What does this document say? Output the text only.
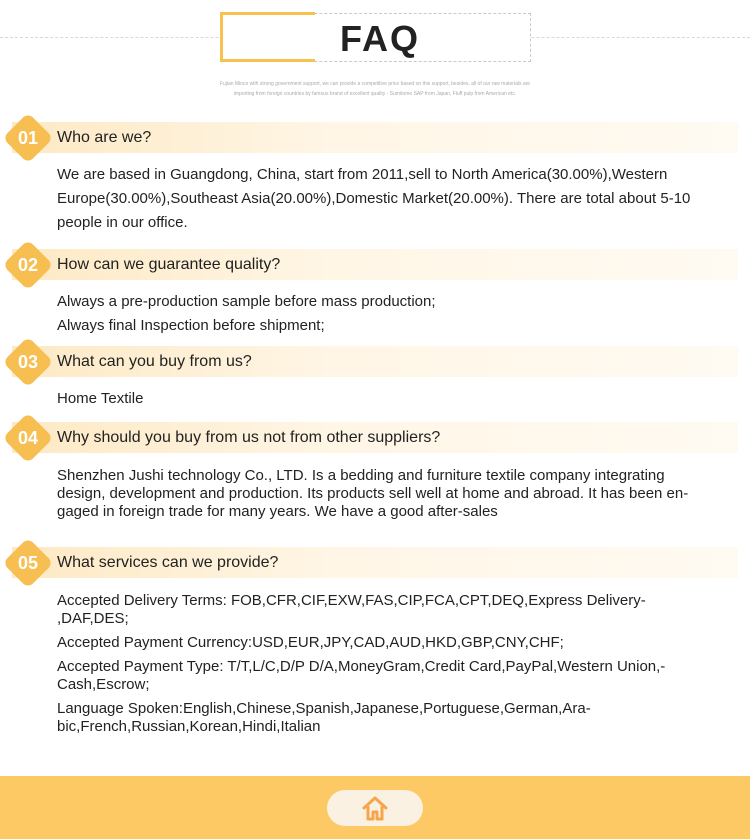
FAQ
Fujian Minco with strong government support, we can provide a competitive price based on this support, besides, all of our raw materials are
importing from foreign countries by famous brand of excellent quality - Sumitomo SAP from Japan, Fluff pulp from American etc.
01	Who are we?
We are based in Guangdong, China, start from 2011,sell to North America(30.00%),Western
Europe(30.00%),Southeast Asia(20.00%),Domestic Market(20.00%). There are total about 5-10
people in our office.
02	How can we guarantee quality?
Always a pre-production sample before mass production;
Always final Inspection before shipment;
03	What can you buy from us?
Home Textile
04	Why should you buy from us not from other suppliers?
Shenzhen Jushi technology Co., LTD. Is a bedding and furniture textile company integrating
design, development and production. Its products sell well at home and abroad. It has been en-
gaged in foreign trade for many years. We have a good after-sales
05	What services can we provide?
Accepted Delivery Terms: FOB,CFR,CIF,EXW,FAS,CIP,FCA,CPT,DEQ,Express Delivery-
,DAF,DES;
Accepted Payment Currency:USD,EUR,JPY,CAD,AUD,HKD,GBP,CNY,CHF;
Accepted Payment Type: T/T,L/C,D/P D/A,MoneyGram,Credit Card,PayPal,Western Union,-
Cash,Escrow;
Language Spoken:English,Chinese,Spanish,Japanese,Portuguese,German,Ara-
bic,French,Russian,Korean,Hindi,Italian
